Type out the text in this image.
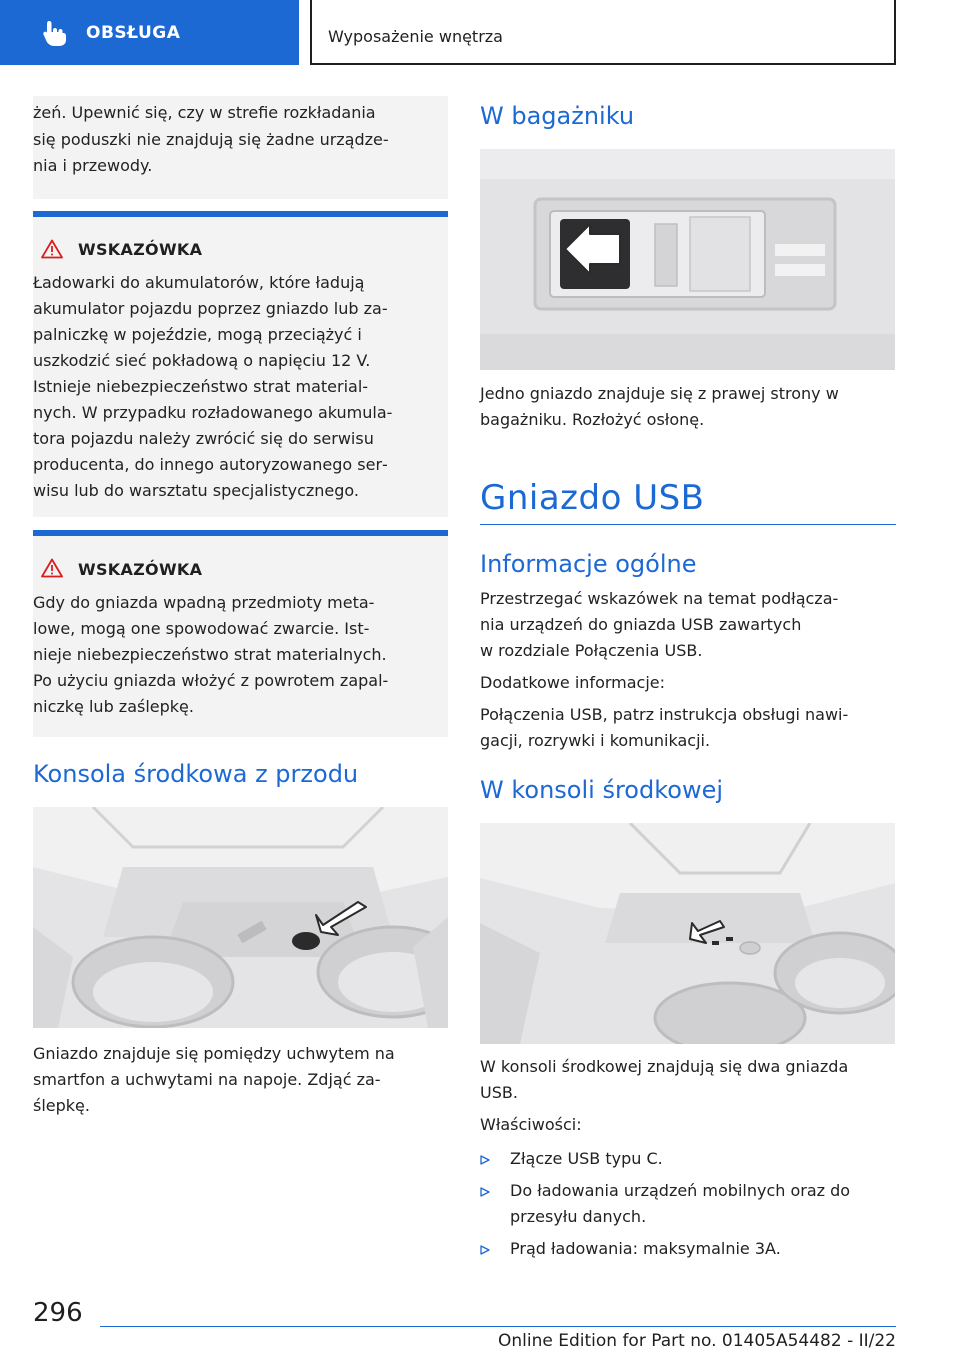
OBSŁUGA	Wyposażenie wnętrza
żeń. Upewnić się, czy w strefie rozkładania
się poduszki nie znajdują się żadne urządze‐
nia i przewody.
WSKAZÓWKA
Ładowarki do akumulatorów, które ładują
akumulator pojazdu poprzez gniazdo lub za‐
palniczkę w pojeździe, mogą przeciążyć i
uszkodzić sieć pokładową o napięciu 12 V.
Istnieje niebezpieczeństwo strat material‐
nych. W przypadku rozładowanego akumula‐
tora pojazdu należy zwrócić się do serwisu
producenta, do innego autoryzowanego ser‐
wisu lub do warsztatu specjalistycznego.
WSKAZÓWKA
Gdy do gniazda wpadną przedmioty meta‐
lowe, mogą one spowodować zwarcie. Ist‐
nieje niebezpieczeństwo strat materialnych.
Po użyciu gniazda włożyć z powrotem zapal‐
niczkę lub zaślepkę.
Konsola środkowa z przodu
Gniazdo znajduje się pomiędzy uchwytem na
smartfon a uchwytami na napoje. Zdjąć za‐
ślepkę.
W bagażniku
Jedno gniazdo znajduje się z prawej strony w
bagażniku. Rozłożyć osłonę.
Gniazdo USB
Informacje ogólne
Przestrzegać wskazówek na temat podłącza‐
nia urządzeń do gniazda USB zawartych
w rozdziale Połączenia USB.
Dodatkowe informacje:
Połączenia USB, patrz instrukcja obsługi nawi‐
gacji, rozrywki i komunikacji.
W konsoli środkowej
W konsoli środkowej znajdują się dwa gniazda
USB.
Właściwości:
Złącze USB typu C.
Do ładowania urządzeń mobilnych oraz do
przesyłu danych.
Prąd ładowania: maksymalnie 3A.
296
Online Edition for Part no. 01405A54482 - II/22
